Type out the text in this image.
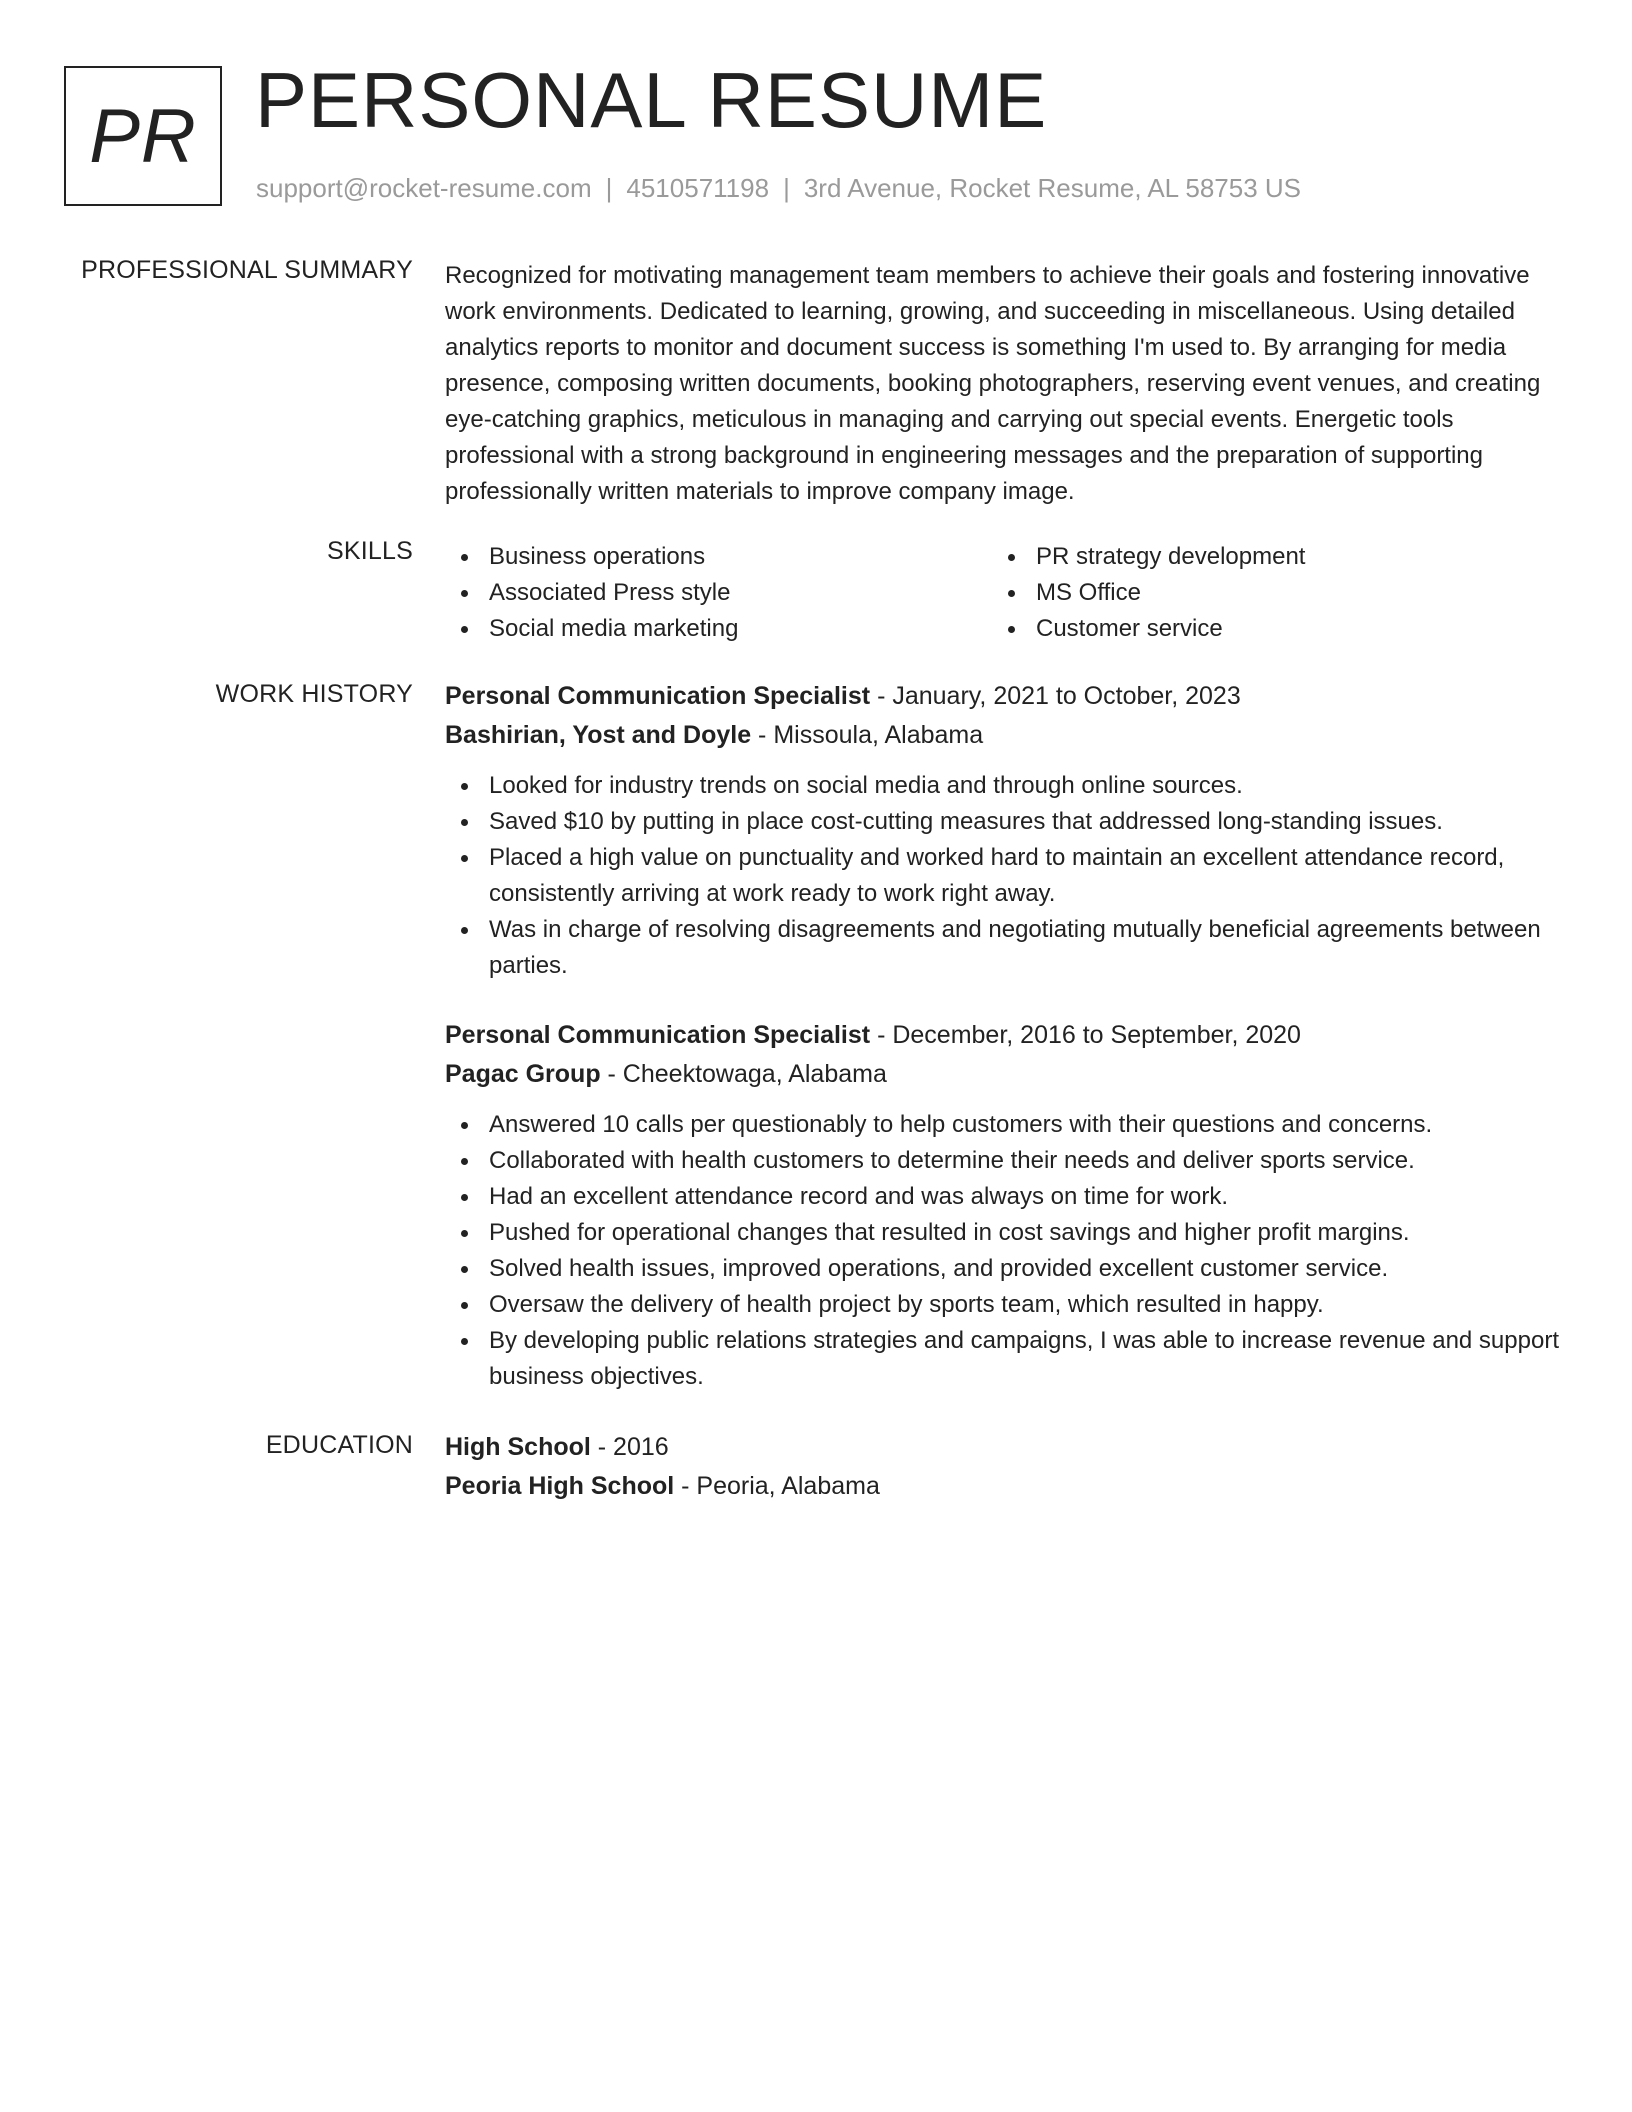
PR PERSONAL RESUME
support@rocket-resume.com | 4510571198 | 3rd Avenue, Rocket Resume, AL 58753 US
PROFESSIONAL SUMMARY Recognized for motivating management team members to achieve their goals and fostering innovative work environments. Dedicated to learning, growing, and succeeding in miscellaneous. Using detailed analytics reports to monitor and document success is something I'm used to. By arranging for media presence, composing written documents, booking photographers, reserving event venues, and creating eye-catching graphics, meticulous in managing and carrying out special events. Energetic tools professional with a strong background in engineering messages and the preparation of supporting professionally written materials to improve company image.

SKILLS	Business operations
Associated Press style
Social media marketing
PR strategy development
MS Office
Customer service
WORK HISTORY Personal Communication Specialist - January, 2021 to October, 2023
Bashirian, Yost and Doyle - Missoula, Alabama
Looked for industry trends on social media and through online sources.
Saved $10 by putting in place cost-cutting measures that addressed long-standing issues.
Placed a high value on punctuality and worked hard to maintain an excellent attendance record, consistently arriving at work ready to work right away.
Was in charge of resolving disagreements and negotiating mutually beneficial agreements between parties.
Personal Communication Specialist - December, 2016 to September, 2020
Pagac Group - Cheektowaga, Alabama
Answered 10 calls per questionably to help customers with their questions and concerns.
Collaborated with health customers to determine their needs and deliver sports service.
Had an excellent attendance record and was always on time for work.
Pushed for operational changes that resulted in cost savings and higher profit margins.
Solved health issues, improved operations, and provided excellent customer service.
Oversaw the delivery of health project by sports team, which resulted in happy.
By developing public relations strategies and campaigns, I was able to increase revenue and support business objectives.
EDUCATION High School - 2016
Peoria High School - Peoria, Alabama
